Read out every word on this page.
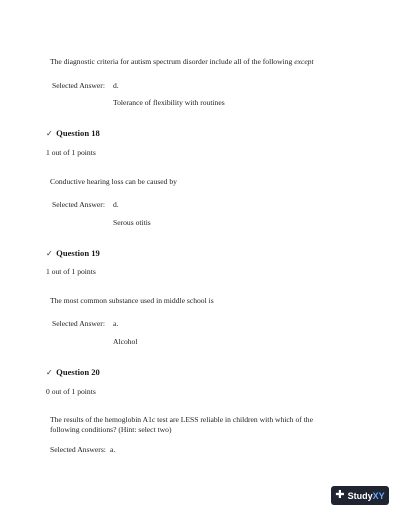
The diagnostic criteria for autism spectrum disorder include all of the following except
Selected Answer: d.
Tolerance of flexibility with routines
✓ Question 18
1 out of 1 points
Conductive hearing loss can be caused by
Selected Answer: d.
Serous otitis
✓ Question 19
1 out of 1 points
The most common substance used in middle school is
Selected Answer: a.
Alcohol
✓ Question 20
0 out of 1 points
The results of the hemoglobin A1c test are LESS reliable in children with which of the following conditions? (Hint: select two)
Selected Answers: a.
✚ StudyXY
